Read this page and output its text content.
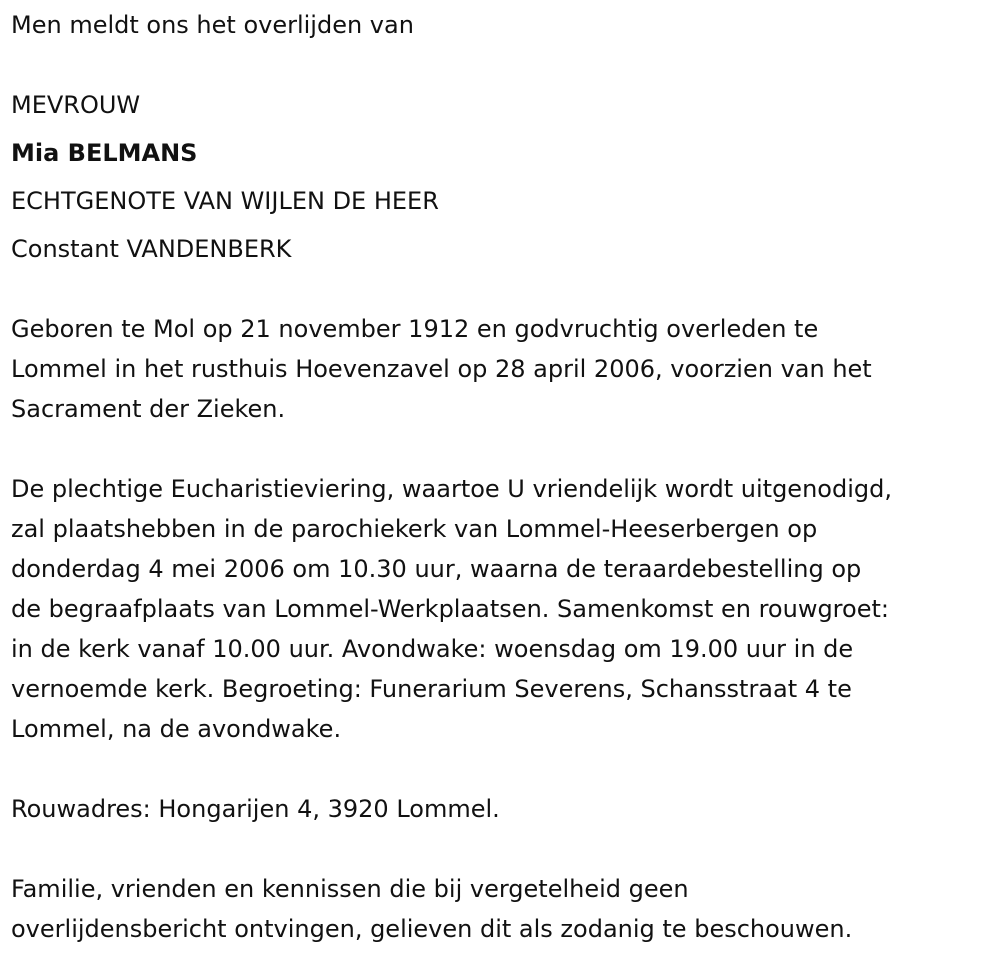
Men meldt ons het overlijden van

MEVROUW

Mia BELMANS

ECHTGENOTE VAN WIJLEN DE HEER

Constant VANDENBERK

Geboren te Mol op 21 november 1912 en godvruchtig overleden te

Lommel in het rusthuis Hoevenzavel op 28 april 2006, voorzien van het

Sacrament der Zieken.

De plechtige Eucharistieviering, waartoe U vriendelijk wordt uitgenodigd,

zal plaatshebben in de parochiekerk van Lommel-Heeserbergen op

donderdag 4 mei 2006 om 10.30 uur, waarna de teraardebestelling op

de begraafplaats van Lommel-Werkplaatsen. Samenkomst en rouwgroet:

in de kerk vanaf 10.00 uur. Avondwake: woensdag om 19.00 uur in de

vernoemde kerk. Begroeting: Funerarium Severens, Schansstraat 4 te

Lommel, na de avondwake.

Rouwadres: Hongarijen 4, 3920 Lommel.

Familie, vrienden en kennissen die bij vergetelheid geen

overlijdensbericht ontvingen, gelieven dit als zodanig te beschouwen.
